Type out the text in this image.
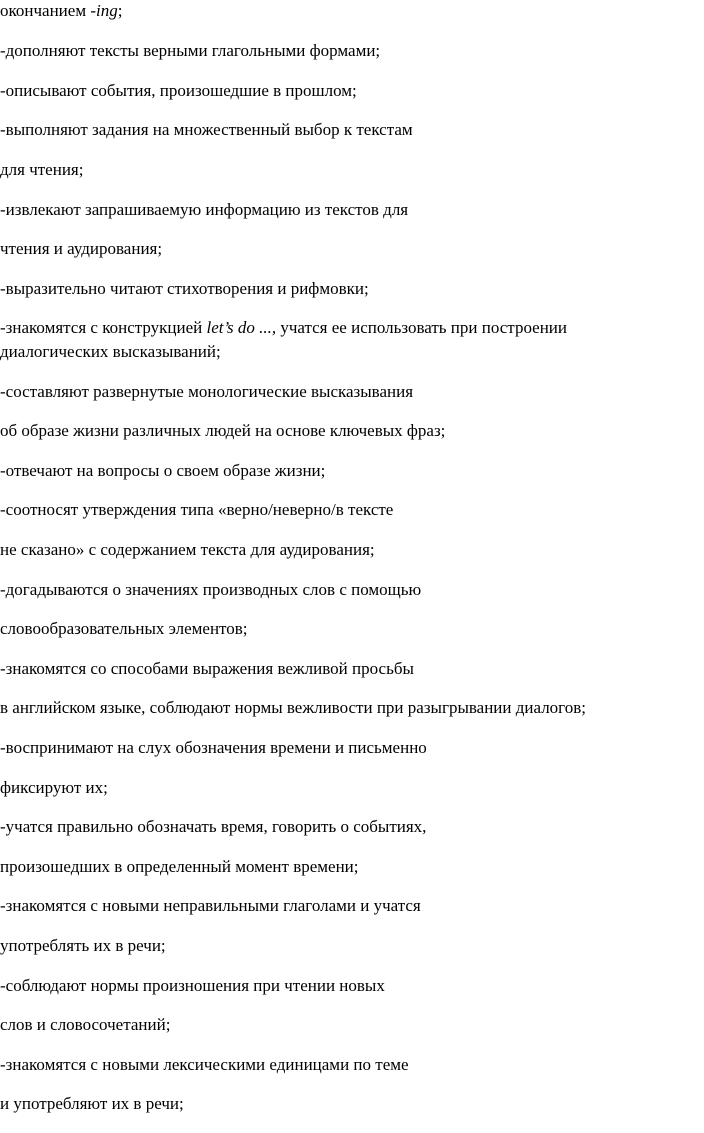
окончанием -ing;
-дополняют тексты верными глагольными формами;
-описывают события, произошедшие в прошлом;
-выполняют задания на множественный выбор к текстам
для чтения;
-извлекают запрашиваемую информацию из текстов для
чтения и аудирования;
-выразительно читают стихотворения и рифмовки;
-знакомятся с конструкцией let’s do ..., учатся ее использовать при построении
диалогических высказываний;
-составляют развернутые монологические высказывания
об образе жизни различных людей на основе ключевых фраз;
-отвечают на вопросы о своем образе жизни;
-соотносят утверждения типа «верно/неверно/в тексте
не сказано» с содержанием текста для аудирования;
-догадываются о значениях производных слов с помощью
словообразовательных элементов;
-знакомятся со способами выражения вежливой просьбы
в английском языке, соблюдают нормы вежливости при разыгрывании диалогов;
-воспринимают на слух обозначения времени и письменно
фиксируют их;
-учатся правильно обозначать время, говорить о событиях,
произошедших в определенный момент времени;
-знакомятся с новыми неправильными глаголами и учатся
употреблять их в речи;
-соблюдают нормы произношения при чтении новых
слов и словосочетаний;
-знакомятся с новыми лексическими единицами по теме
и употребляют их в речи;
